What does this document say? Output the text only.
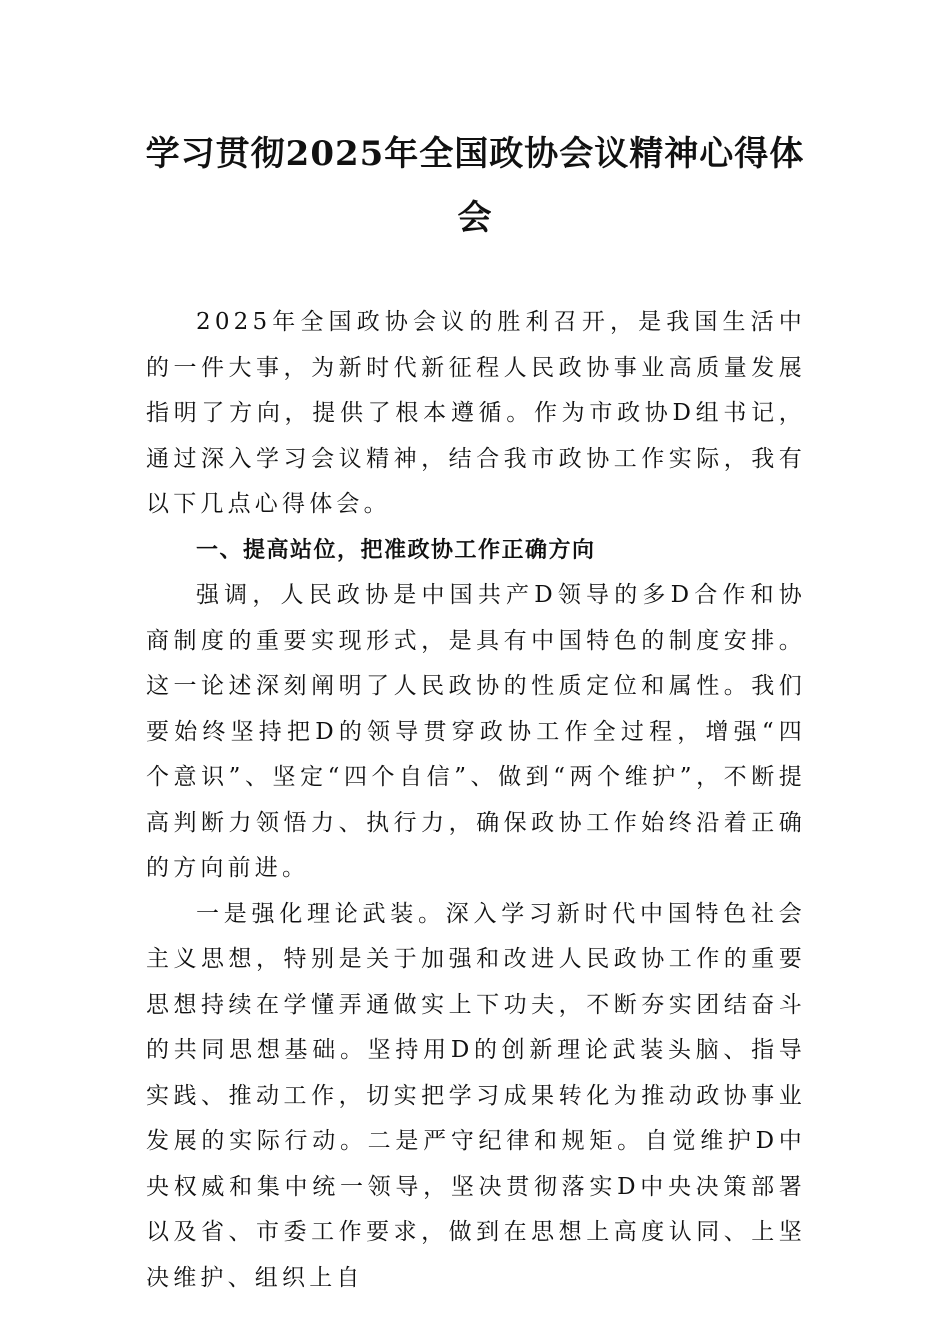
学习贯彻2025年全国政协会议精神心得体会

2025年全国政协会议的胜利召开，是我国生活中的一件大事，为新时代新征程人民政协事业高质量发展指明了方向，提供了根本遵循。作为市政协D组书记，通过深入学习会议精神，结合我市政协工作实际，我有以下几点心得体会。

一、提高站位，把准政协工作正确方向

强调，人民政协是中国共产D领导的多D合作和协商制度的重要实现形式，是具有中国特色的制度安排。这一论述深刻阐明了人民政协的性质定位和属性。我们要始终坚持把D的领导贯穿政协工作全过程，增强“四个意识”、坚定“四个自信”、做到“两个维护”，不断提高判断力领悟力、执行力，确保政协工作始终沿着正确的方向前进。

一是强化理论武装。深入学习新时代中国特色社会主义思想，特别是关于加强和改进人民政协工作的重要思想持续在学懂弄通做实上下功夫，不断夯实团结奋斗的共同思想基础。坚持用D的创新理论武装头脑、指导实践、推动工作，切实把学习成果转化为推动政协事业发展的实际行动。二是严守纪律和规矩。自觉维护D中央权威和集中统一领导，坚决贯彻落实D中央决策部署以及省、市委工作要求，做到在思想上高度认同、上坚决维护、组织上自
